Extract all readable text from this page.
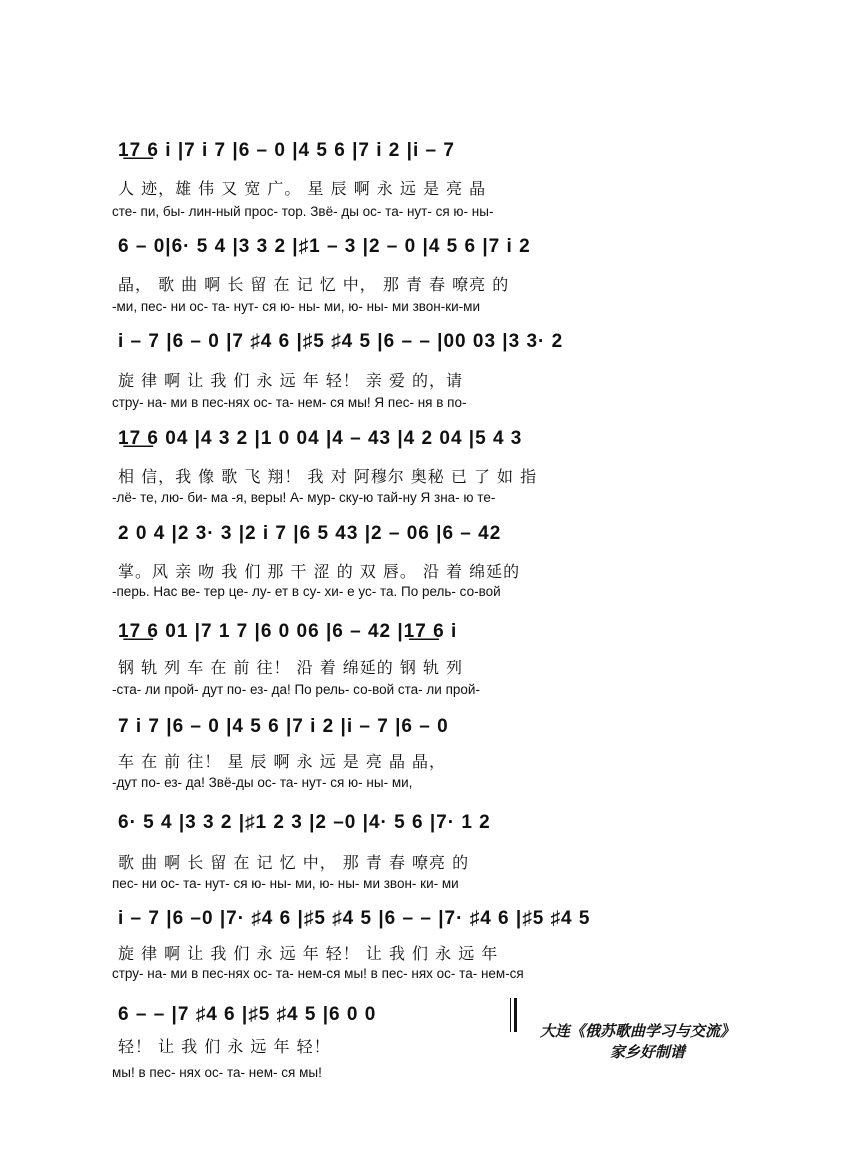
1͟7͟ 6 i |7 i 7 |6 – 0 |4 5 6 |7 i 2 |i – 7
人 迹，雄 伟 又 宽 广。 星 辰 啊 永 远 是 亮 晶
сте- пи, бы- лин-ный прос- тор. Звё- ды ос- та- нут- ся ю- ны-
6 – 0|6· 5 4 |3 3 2 |♯1 – 3 |2 – 0 |4 5 6 |7 i 2
晶， 歌 曲 啊 长 留 在 记 忆 中， 那 青 春 嘹亮 的
-ми, пес- ни ос- та- нут- ся ю- ны- ми, ю- ны- ми звон-ки-ми
i – 7 |6 – 0 |7 ♯4 6 |♯5 ♯4 5 |6 – – |00 03 |3 3· 2
旋 律 啊 让 我 们 永 远 年 轻！ 亲 爱 的，请
стру- на- ми в пес-нях ос- та- нем- ся мы! Я пес- ня в по-
1͟7͟ 6 04 |4 3 2 |1 0 04 |4 – 43 |4 2 04 |5 4 3
相 信，我 像 歌 飞 翔！ 我 对 阿穆尔 奥秘 已 了 如 指
-лё- те, лю- би- ма -я, веры! А- мур- ску-ю тай-ну Я зна- ю те-
2 0 4 |2 3· 3 |2 i 7 |6 5 43 |2 – 06 |6 – 42
掌。风 亲 吻 我 们 那 干 涩 的 双 唇。 沿 着 绵延的
-перь. Нас ве- тер це- лу- ет в су- хи- е ус- та. По рель- со-вой
1͟7͟ 6 01 |7 1 7 |6 0 06 |6 – 42 |1͟7͟ 6 i
钢 轨 列 车 在 前 往！ 沿 着 绵延的 钢 轨 列
-ста- ли прой- дут по- ез- да! По рель- со-вой ста- ли прой-
7 i 7 |6 – 0 |4 5 6 |7 i 2 |i – 7 |6 – 0
车 在 前 往！ 星 辰 啊 永 远 是 亮 晶 晶，
-дут по- ез- да! Звё-ды ос- та- нут- ся ю- ны- ми,
6· 5 4 |3 3 2 |♯1 2 3 |2 –0 |4· 5 6 |7· 1 2
歌 曲 啊 长 留 在 记 忆 中， 那 青 春 嘹亮 的
пес- ни ос- та- нут- ся ю- ны- ми, ю- ны- ми звон- ки- ми
i – 7 |6 –0 |7· ♯4 6 |♯5 ♯4 5 |6 – – |7· ♯4 6 |♯5 ♯4 5
旋 律 啊 让 我 们 永 远 年 轻！ 让 我 们 永 远 年
стру- на- ми в пес-нях ос- та- нем-ся мы! в пес- нях ос- та- нем-ся
6 – – |7 ♯4 6 |♯5 ♯4 5 |6 0 0
轻！ 让 我 们 永 远 年 轻！
мы! в пес- нях ос- та- нем- ся мы!
大连《俄苏歌曲学习与交流》
家乡好制谱
